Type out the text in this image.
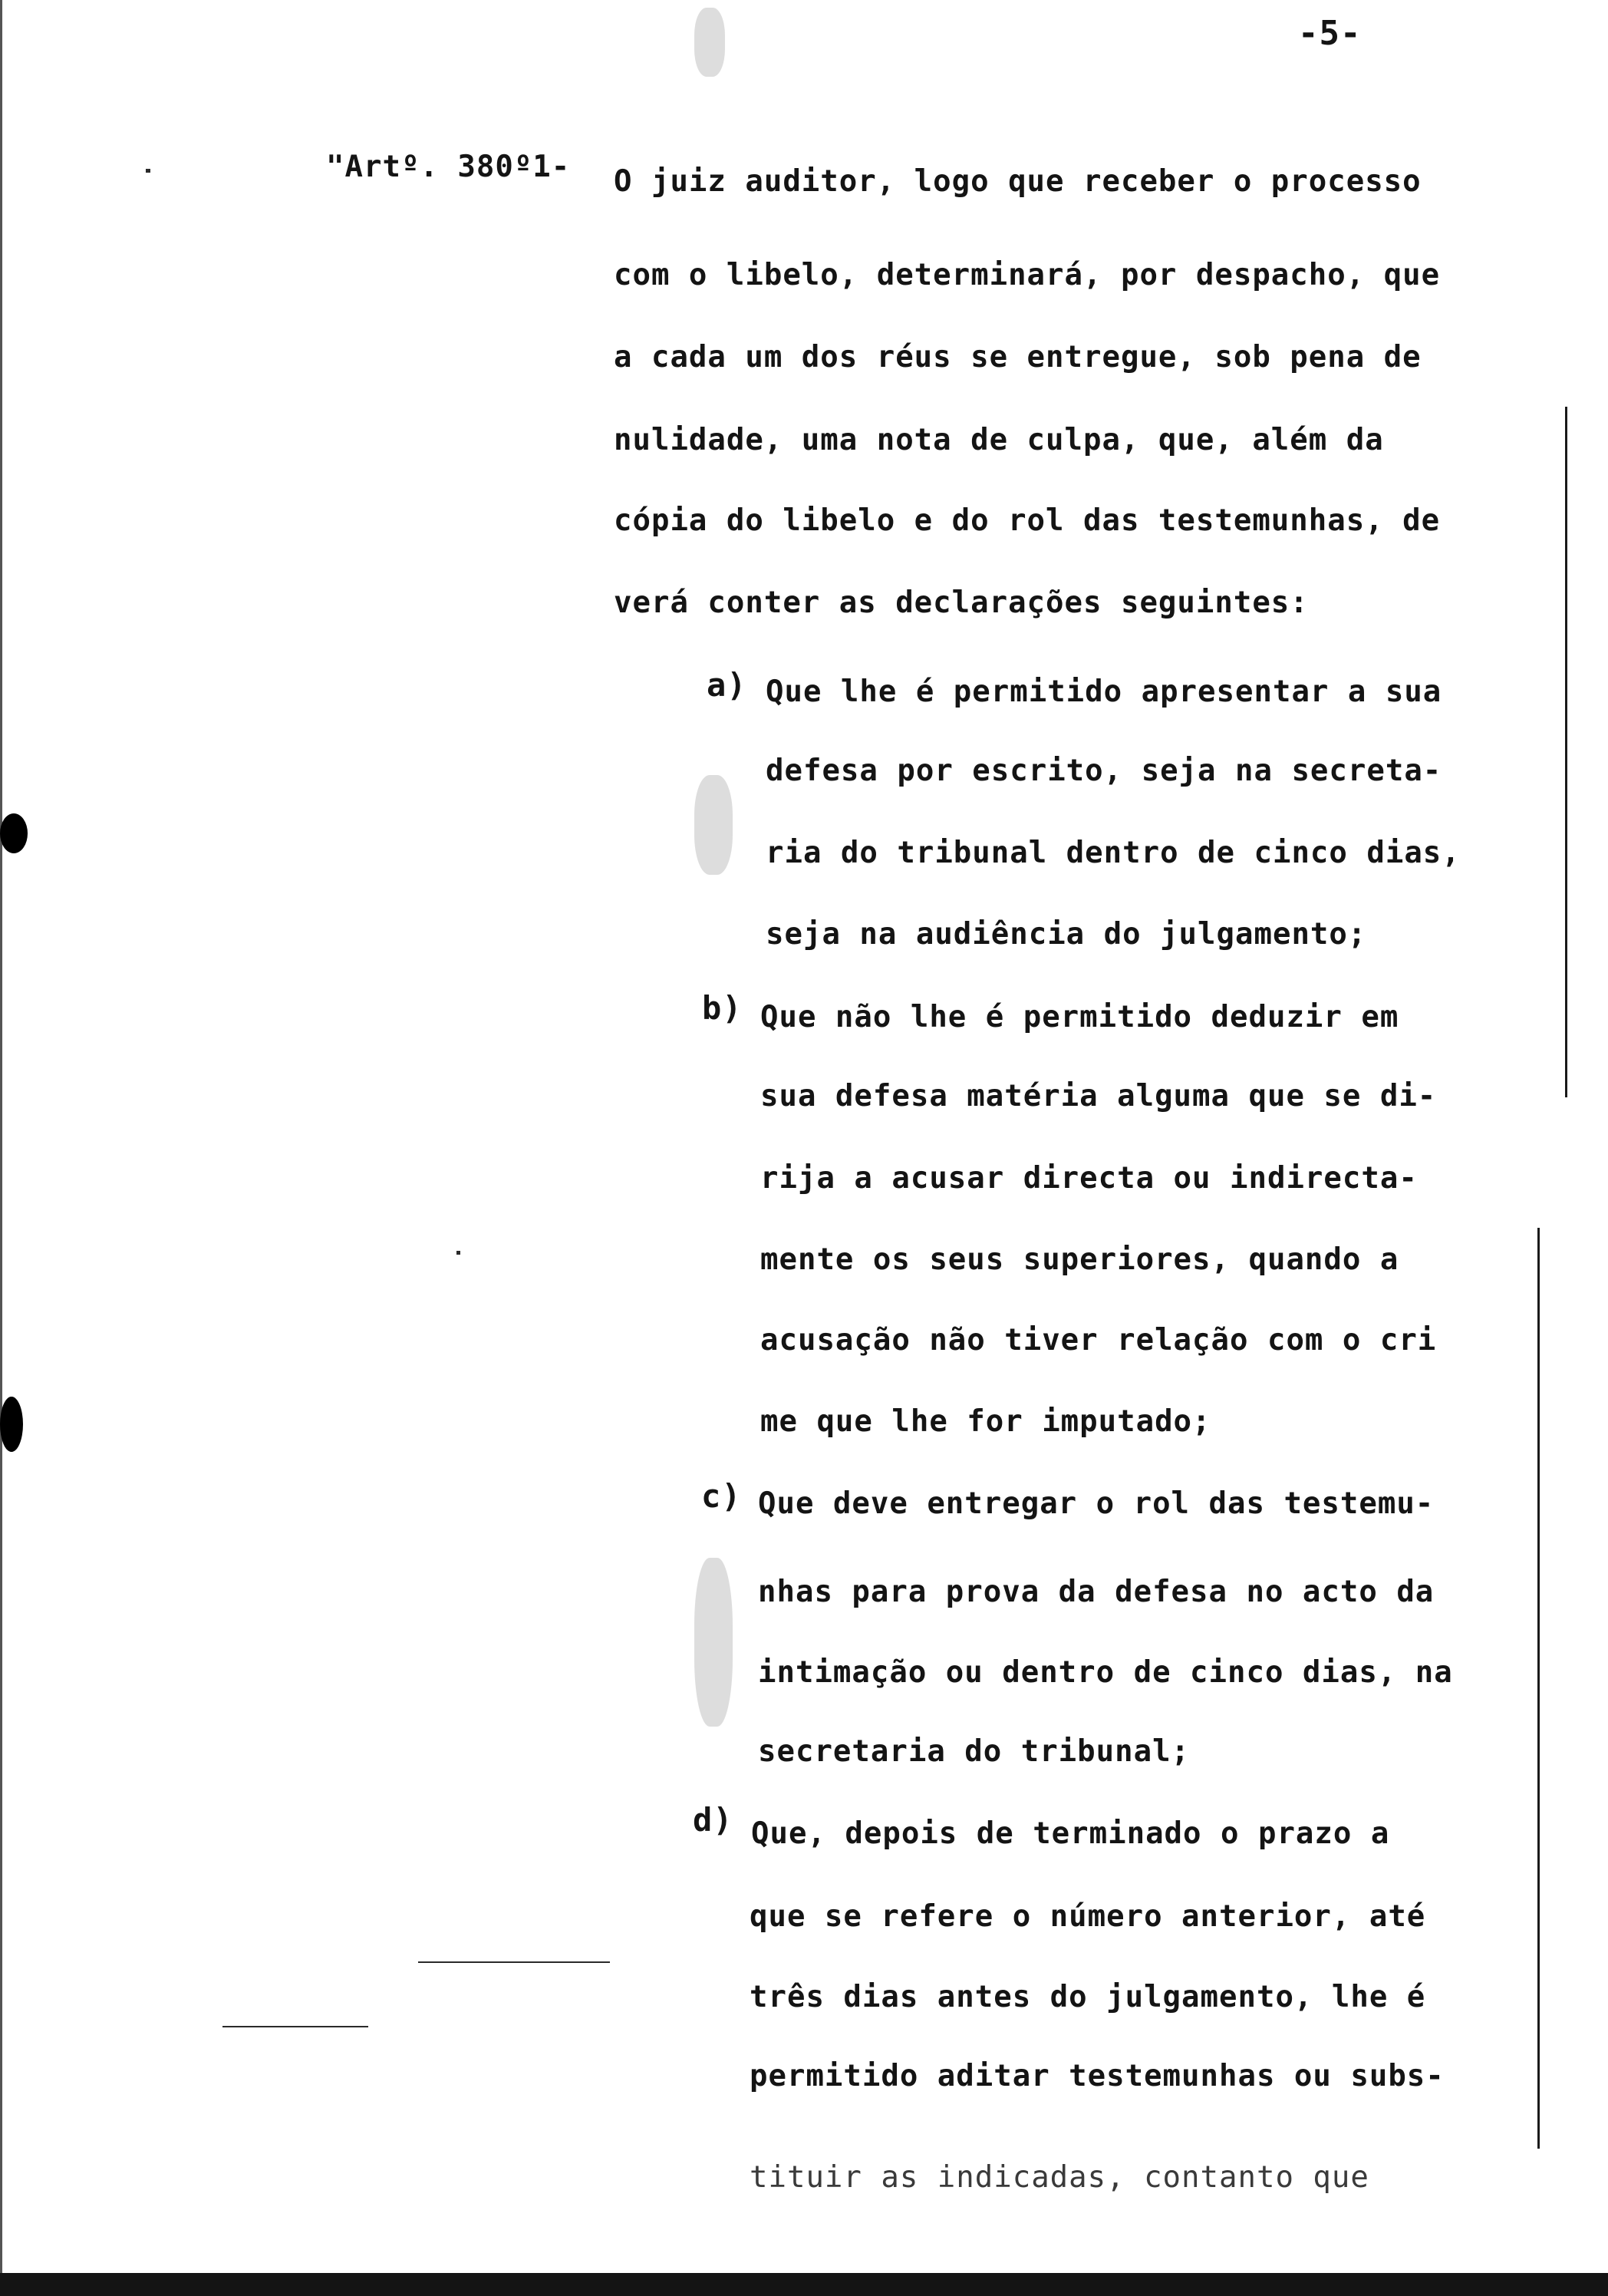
-5-
"Artº. 380º1- O juiz auditor, logo que receber o processo
com o libelo, determinará, por despacho, que
a cada um dos réus se entregue, sob pena de
nulidade, uma nota de culpa, que, além da
cópia do libelo e do rol das testemunhas, de
verá conter as declarações seguintes:
a) Que lhe é permitido apresentar a sua
defesa por escrito, seja na secreta-
ria do tribunal dentro de cinco dias,
seja na audiência do julgamento;
b) Que não lhe é permitido deduzir em
sua defesa matéria alguma que se di-
rija a acusar directa ou indirecta-
mente os seus superiores, quando a
acusação não tiver relação com o cri
me que lhe for imputado;
c) Que deve entregar o rol das testemu-
nhas para prova da defesa no acto da
intimação ou dentro de cinco dias, na
secretaria do tribunal;
d) Que, depois de terminado o prazo a
que se refere o número anterior, até
três dias antes do julgamento, lhe é
permitido aditar testemunhas ou subs-
tituir as indicadas, contanto que
